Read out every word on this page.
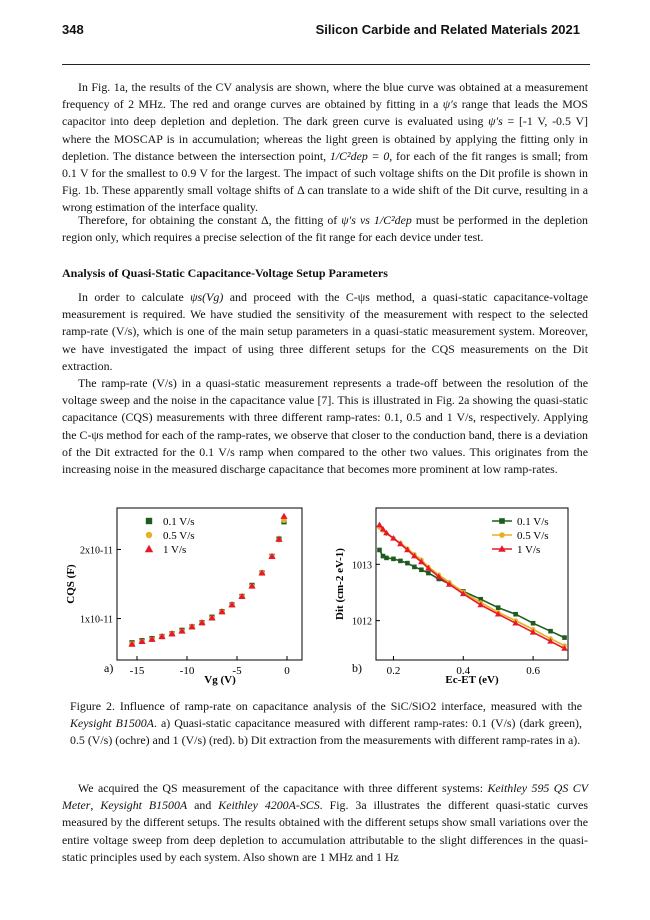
348	Silicon Carbide and Related Materials 2021

In Fig. 1a, the results of the CV analysis are shown, where the blue curve was obtained at a measurement frequency of 2 MHz. The red and orange curves are obtained by fitting in a ψ′s range that leads the MOS capacitor into deep depletion and depletion. The dark green curve is evaluated using ψ′s = [-1 V, -0.5 V] where the MOSCAP is in accumulation; whereas the light green is obtained by applying the fitting only in depletion. The distance between the intersection point, 1/C²dep = 0, for each of the fit ranges is small; from 0.1 V for the smallest to 0.9 V for the largest. The impact of such voltage shifts on the Dit profile is shown in Fig. 1b. These apparently small voltage shifts of Δ can translate to a wide shift of the Dit curve, resulting in a wrong estimation of the interface quality.

Therefore, for obtaining the constant Δ, the fitting of ψ′s vs 1/C²dep must be performed in the depletion region only, which requires a precise selection of the fit range for each device under test.

Analysis of Quasi-Static Capacitance-Voltage Setup Parameters

In order to calculate ψs(Vg) and proceed with the C-ψs method, a quasi-static capacitance-voltage measurement is required. We have studied the sensitivity of the measurement with respect to the selected ramp-rate (V/s), which is one of the main setup parameters in a quasi-static measurement system. Moreover, we have investigated the impact of using three different setups for the CQS measurements on the Dit extraction.

The ramp-rate (V/s) in a quasi-static measurement represents a trade-off between the resolution of the voltage sweep and the noise in the capacitance value [7]. This is illustrated in Fig. 2a showing the quasi-static capacitance (CQS) measurements with three different ramp-rates: 0.1, 0.5 and 1 V/s, respectively. Applying the C-ψs method for each of the ramp-rates, we observe that closer to the conduction band, there is a deviation of the Dit extracted for the 0.1 V/s ramp when compared to the other two values. This originates from the increasing noise in the measured discharge capacitance that becomes more prominent at low ramp-rates.

-15	-10	-5	0
1x10-11
2x10-11
0.1 V/s
0.5 V/s
1 V/s
a)
Vg (V)
CQS (F)
0.2	0.4	0.6
1012
1013
0.1 V/s
0.5 V/s
1 V/s
b)
Ec-ET (eV)
Dit (cm-2 eV-1)

Figure 2. Influence of ramp-rate on capacitance analysis of the SiC/SiO2 interface, measured with the Keysight B1500A. a) Quasi-static capacitance measured with different ramp-rates: 0.1 (V/s) (dark green), 0.5 (V/s) (ochre) and 1 (V/s) (red). b) Dit extraction from the measurements with different ramp-rates in a).

We acquired the QS measurement of the capacitance with three different systems: Keithley 595 QS CV Meter, Keysight B1500A and Keithley 4200A-SCS. Fig. 3a illustrates the different quasi-static curves measured by the different setups. The results obtained with the different setups show small variations over the entire voltage sweep from deep depletion to accumulation attributable to the slight differences in the quasi-static principles used by each system. Also shown are 1 MHz and 1 Hz
